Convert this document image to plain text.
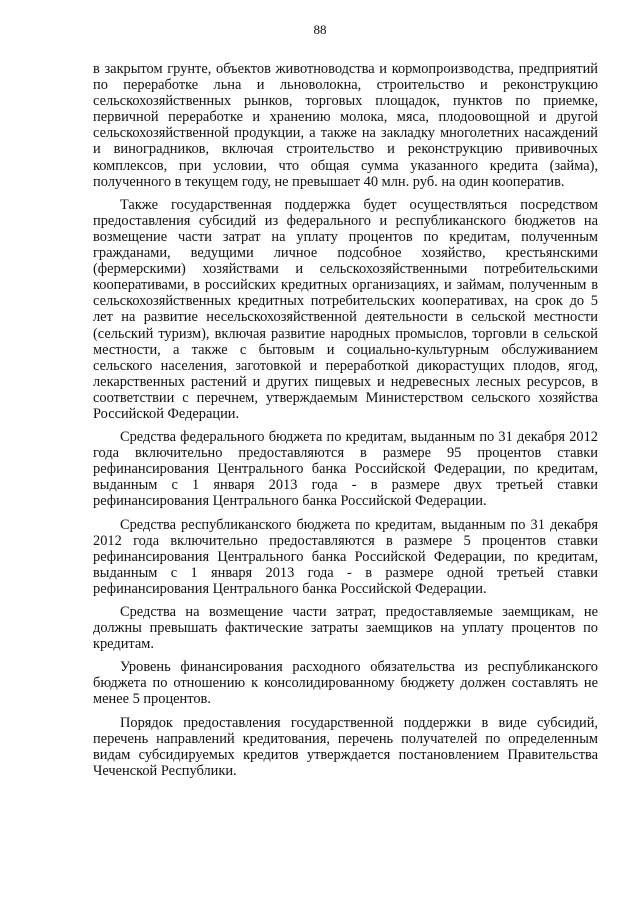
88

в закрытом грунте, объектов животноводства и кормопроизводства, предприятий по переработке льна и льноволокна, строительство и реконструкцию сельскохозяйственных рынков, торговых площадок, пунктов по приемке, первичной переработке и хранению молока, мяса, плодоовощной и другой сельскохозяйственной продукции, а также на закладку многолетних насаждений и виноградников, включая строительство и реконструкцию прививочных комплексов, при условии, что общая сумма указанного кредита (займа), полученного в текущем году, не превышает 40 млн. руб. на один кооператив.

Также государственная поддержка будет осуществляться посредством предоставления субсидий из федерального и республиканского бюджетов на возмещение части затрат на уплату процентов по кредитам, полученным гражданами, ведущими личное подсобное хозяйство, крестьянскими (фермерскими) хозяйствами и сельскохозяйственными потребительскими кооперативами, в российских кредитных организациях, и займам, полученным в сельскохозяйственных кредитных потребительских кооперативах, на срок до 5 лет на развитие несельскохозяйственной деятельности в сельской местности (сельский туризм), включая развитие народных промыслов, торговли в сельской местности, а также с бытовым и социально-культурным обслуживанием сельского населения, заготовкой и переработкой дикорастущих плодов, ягод, лекарственных растений и других пищевых и недревесных лесных ресурсов, в соответствии с перечнем, утверждаемым Министерством сельского хозяйства Российской Федерации.

Средства федерального бюджета по кредитам, выданным по 31 декабря 2012 года включительно предоставляются в размере 95 процентов ставки рефинансирования Центрального банка Российской Федерации, по кредитам, выданным с 1 января 2013 года - в размере двух третьей ставки рефинансирования Центрального банка Российской Федерации.

Средства республиканского бюджета по кредитам, выданным по 31 декабря 2012 года включительно предоставляются в размере 5 процентов ставки рефинансирования Центрального банка Российской Федерации, по кредитам, выданным с 1 января 2013 года - в размере одной третьей ставки рефинансирования Центрального банка Российской Федерации.

Средства на возмещение части затрат, предоставляемые заемщикам, не должны превышать фактические затраты заемщиков на уплату процентов по кредитам.

Уровень финансирования расходного обязательства из республиканского бюджета по отношению к консолидированному бюджету должен составлять не менее 5 процентов.

Порядок предоставления государственной поддержки в виде субсидий, перечень направлений кредитования, перечень получателей по определенным видам субсидируемых кредитов утверждается постановлением Правительства Чеченской Республики.
